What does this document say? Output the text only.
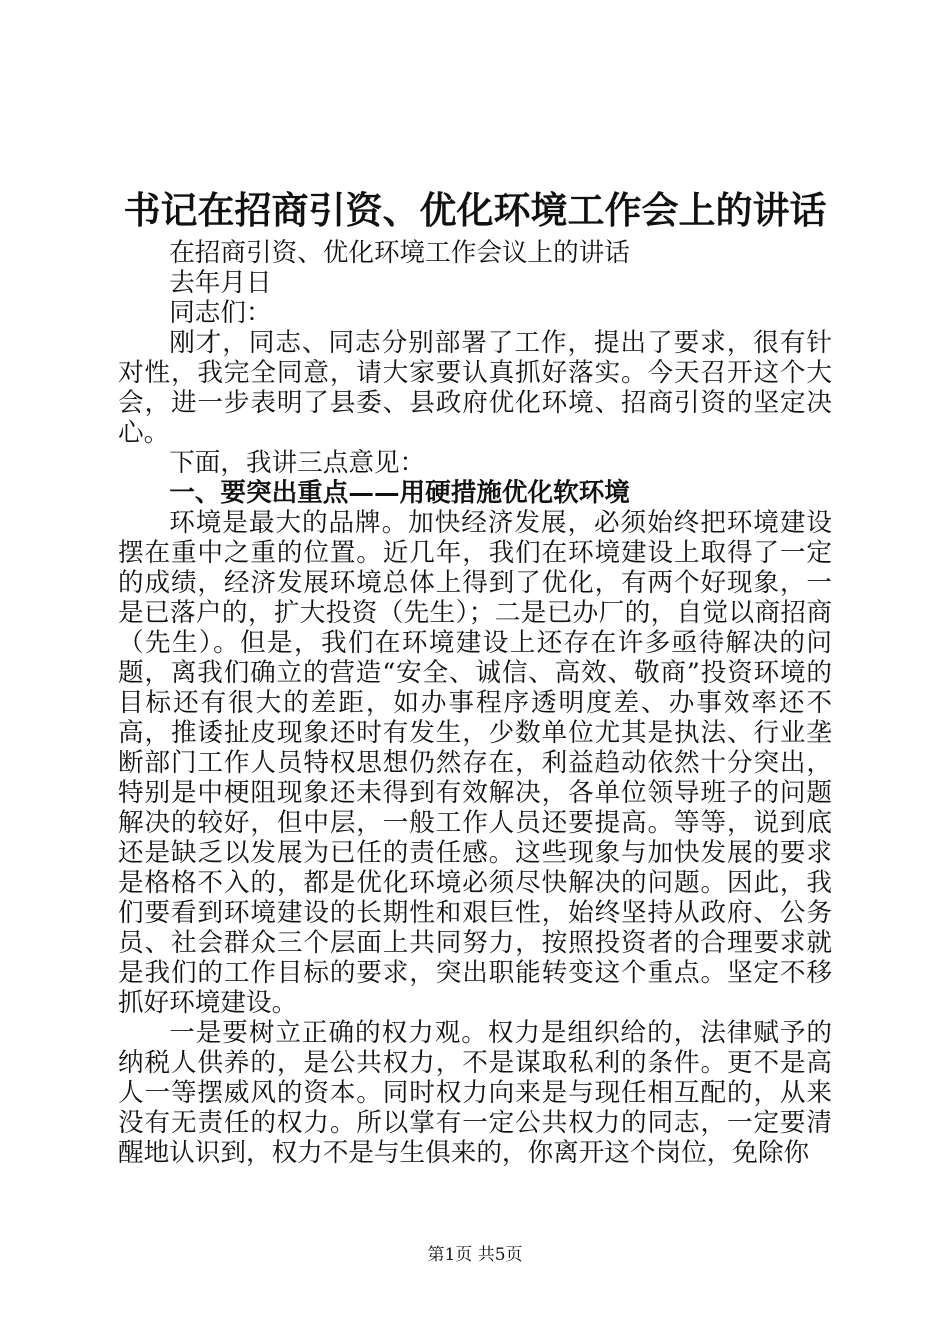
书记在招商引资、优化环境工作会上的讲话

在招商引资、优化环境工作会议上的讲话

去年月日

同志们：

刚才，同志、同志分别部署了工作，提出了要求，很有针对性，我完全同意，请大家要认真抓好落实。今天召开这个大会，进一步表明了县委、县政府优化环境、招商引资的坚定决心。

下面，我讲三点意见：

一、要突出重点——用硬措施优化软环境

环境是最大的品牌。加快经济发展，必须始终把环境建设摆在重中之重的位置。近几年，我们在环境建设上取得了一定的成绩，经济发展环境总体上得到了优化，有两个好现象，一是已落户的，扩大投资（先生）；二是已办厂的，自觉以商招商（先生）。但是，我们在环境建设上还存在许多亟待解决的问题，离我们确立的营造“安全、诚信、高效、敬商”投资环境的目标还有很大的差距，如办事程序透明度差、办事效率还不高，推诿扯皮现象还时有发生，少数单位尤其是执法、行业垄断部门工作人员特权思想仍然存在，利益趋动依然十分突出，特别是中梗阻现象还未得到有效解决，各单位领导班子的问题解决的较好，但中层，一般工作人员还要提高。等等，说到底还是缺乏以发展为已任的责任感。这些现象与加快发展的要求是格格不入的，都是优化环境必须尽快解决的问题。因此，我们要看到环境建设的长期性和艰巨性，始终坚持从政府、公务员、社会群众三个层面上共同努力，按照投资者的合理要求就是我们的工作目标的要求，突出职能转变这个重点。坚定不移抓好环境建设。

一是要树立正确的权力观。权力是组织给的，法律赋予的纳税人供养的，是公共权力，不是谋取私利的条件。更不是高人一等摆威风的资本。同时权力向来是与现任相互配的，从来没有无责任的权力。所以掌有一定公共权力的同志，一定要清醒地认识到，权力不是与生俱来的，你离开这个岗位，免除你

第1页 共5页
